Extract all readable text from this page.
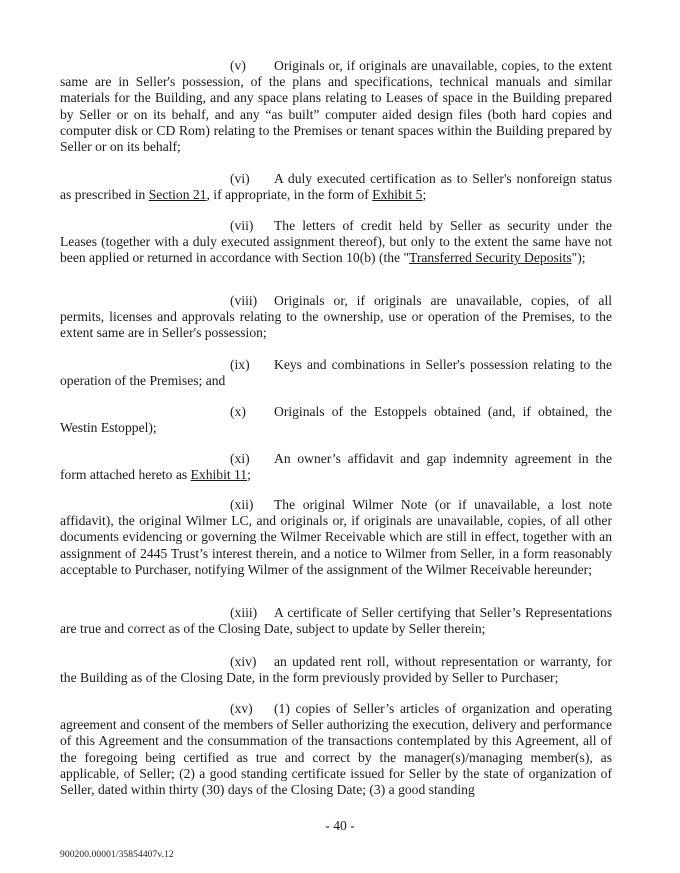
(v) Originals or, if originals are unavailable, copies, to the extent same are in Seller's possession, of the plans and specifications, technical manuals and similar materials for the Building, and any space plans relating to Leases of space in the Building prepared by Seller or on its behalf, and any “as built” computer aided design files (both hard copies and computer disk or CD Rom) relating to the Premises or tenant spaces within the Building prepared by Seller or on its behalf;
(vi) A duly executed certification as to Seller's nonforeign status as prescribed in Section 21, if appropriate, in the form of Exhibit 5;
(vii) The letters of credit held by Seller as security under the Leases (together with a duly executed assignment thereof), but only to the extent the same have not been applied or returned in accordance with Section 10(b) (the "Transferred Security Deposits");
(viii) Originals or, if originals are unavailable, copies, of all permits, licenses and approvals relating to the ownership, use or operation of the Premises, to the extent same are in Seller's possession;
(ix) Keys and combinations in Seller's possession relating to the operation of the Premises; and
(x) Originals of the Estoppels obtained (and, if obtained, the Westin Estoppel);
(xi) An owner’s affidavit and gap indemnity agreement in the form attached hereto as Exhibit 11;
(xii) The original Wilmer Note (or if unavailable, a lost note affidavit), the original Wilmer LC, and originals or, if originals are unavailable, copies, of all other documents evidencing or governing the Wilmer Receivable which are still in effect, together with an assignment of 2445 Trust’s interest therein, and a notice to Wilmer from Seller, in a form reasonably acceptable to Purchaser, notifying Wilmer of the assignment of the Wilmer Receivable hereunder;
(xiii) A certificate of Seller certifying that Seller’s Representations are true and correct as of the Closing Date, subject to update by Seller therein;
(xiv) an updated rent roll, without representation or warranty, for the Building as of the Closing Date, in the form previously provided by Seller to Purchaser;
(xv) (1) copies of Seller’s articles of organization and operating agreement and consent of the members of Seller authorizing the execution, delivery and performance of this Agreement and the consummation of the transactions contemplated by this Agreement, all of the foregoing being certified as true and correct by the manager(s)/managing member(s), as applicable, of Seller; (2) a good standing certificate issued for Seller by the state of organization of Seller, dated within thirty (30) days of the Closing Date; (3) a good standing
- 40 -
900200.00001/35854407v.12
